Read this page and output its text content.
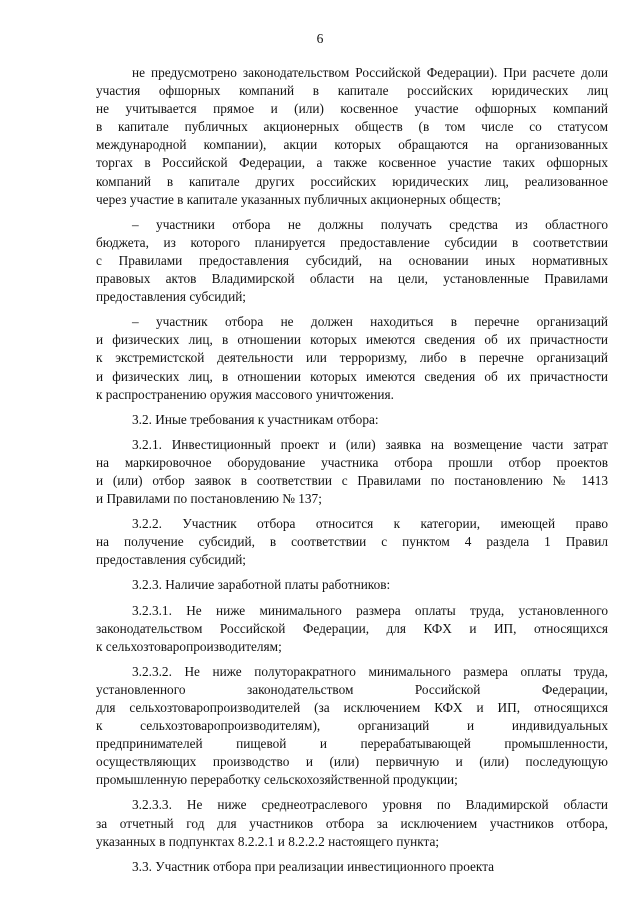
6
не предусмотрено законодательством Российской Федерации). При расчете доли
участия офшорных компаний в капитале российских юридических лиц
не учитывается прямое и (или) косвенное участие офшорных компаний
в капитале публичных акционерных обществ (в том числе со статусом
международной компании), акции которых обращаются на организованных
торгах в Российской Федерации, а также косвенное участие таких офшорных
компаний в капитале других российских юридических лиц, реализованное
через участие в капитале указанных публичных акционерных обществ;
– участники отбора не должны получать средства из областного
бюджета, из которого планируется предоставление субсидии в соответствии
с Правилами предоставления субсидий, на основании иных нормативных
правовых актов Владимирской области на цели, установленные Правилами
предоставления субсидий;
– участник отбора не должен находиться в перечне организаций
и физических лиц, в отношении которых имеются сведения об их причастности
к экстремистской деятельности или терроризму, либо в перечне организаций
и физических лиц, в отношении которых имеются сведения об их причастности
к распространению оружия массового уничтожения.
3.2. Иные требования к участникам отбора:
3.2.1. Инвестиционный проект и (или) заявка на возмещение части затрат
на маркировочное оборудование участника отбора прошли отбор проектов
и (или) отбор заявок в соответствии с Правилами по постановлению № 1413
и Правилами по постановлению № 137;
3.2.2. Участник отбора относится к категории, имеющей право
на получение субсидий, в соответствии с пунктом 4 раздела 1 Правил
предоставления субсидий;
3.2.3. Наличие заработной платы работников:
3.2.3.1. Не ниже минимального размера оплаты труда, установленного
законодательством Российской Федерации, для КФХ и ИП, относящихся
к сельхозтоваропроизводителям;
3.2.3.2. Не ниже полуторакратного минимального размера оплаты труда,
установленного законодательством Российской Федерации,
для сельхозтоваропроизводителей (за исключением КФХ и ИП, относящихся
к сельхозтоваропроизводителям), организаций и индивидуальных
предпринимателей пищевой и перерабатывающей промышленности,
осуществляющих производство и (или) первичную и (или) последующую
промышленную переработку сельскохозяйственной продукции;
3.2.3.3. Не ниже среднеотраслевого уровня по Владимирской области
за отчетный год для участников отбора за исключением участников отбора,
указанных в подпунктах 8.2.2.1 и 8.2.2.2 настоящего пункта;
3.3. Участник отбора при реализации инвестиционного проекта
